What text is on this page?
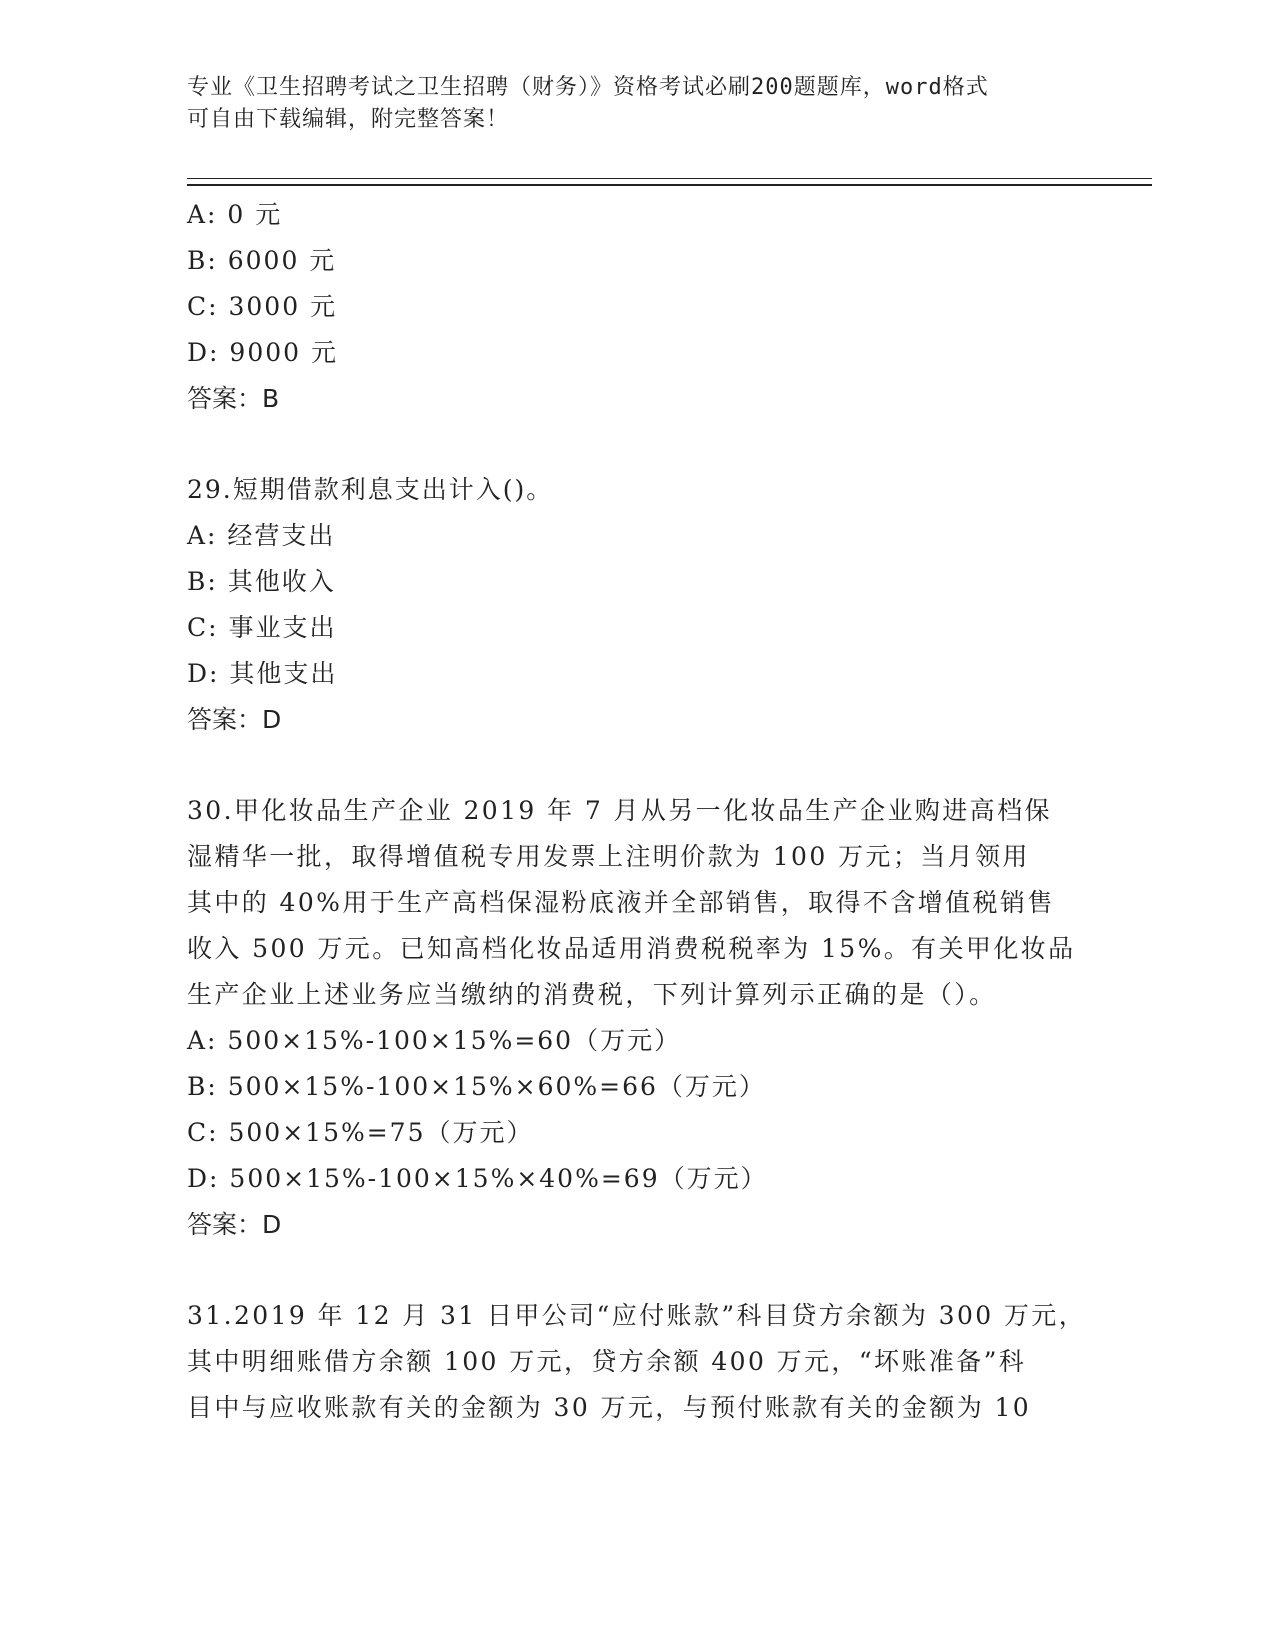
专业《卫生招聘考试之卫生招聘（财务）》资格考试必刷200题题库，word格式
可自由下载编辑，附完整答案！
A: 0 元
B: 6000 元
C: 3000 元
D: 9000 元
答案：B
29.短期借款利息支出计入()。
A: 经营支出
B: 其他收入
C: 事业支出
D: 其他支出
答案：D
30.甲化妆品生产企业 2019 年 7 月从另一化妆品生产企业购进高档保
湿精华一批，取得增值税专用发票上注明价款为 100 万元；当月领用
其中的 40%用于生产高档保湿粉底液并全部销售，取得不含增值税销售
收入 500 万元。已知高档化妆品适用消费税税率为 15%。有关甲化妆品
生产企业上述业务应当缴纳的消费税，下列计算列示正确的是（）。
A: 500×15%-100×15%=60（万元）
B: 500×15%-100×15%×60%=66（万元）
C: 500×15%=75（万元）
D: 500×15%-100×15%×40%=69（万元）
答案：D
31.2019 年 12 月 31 日甲公司“应付账款”科目贷方余额为 300 万元，
其中明细账借方余额 100 万元，贷方余额 400 万元，“坏账准备”科
目中与应收账款有关的金额为 30 万元，与预付账款有关的金额为 10
